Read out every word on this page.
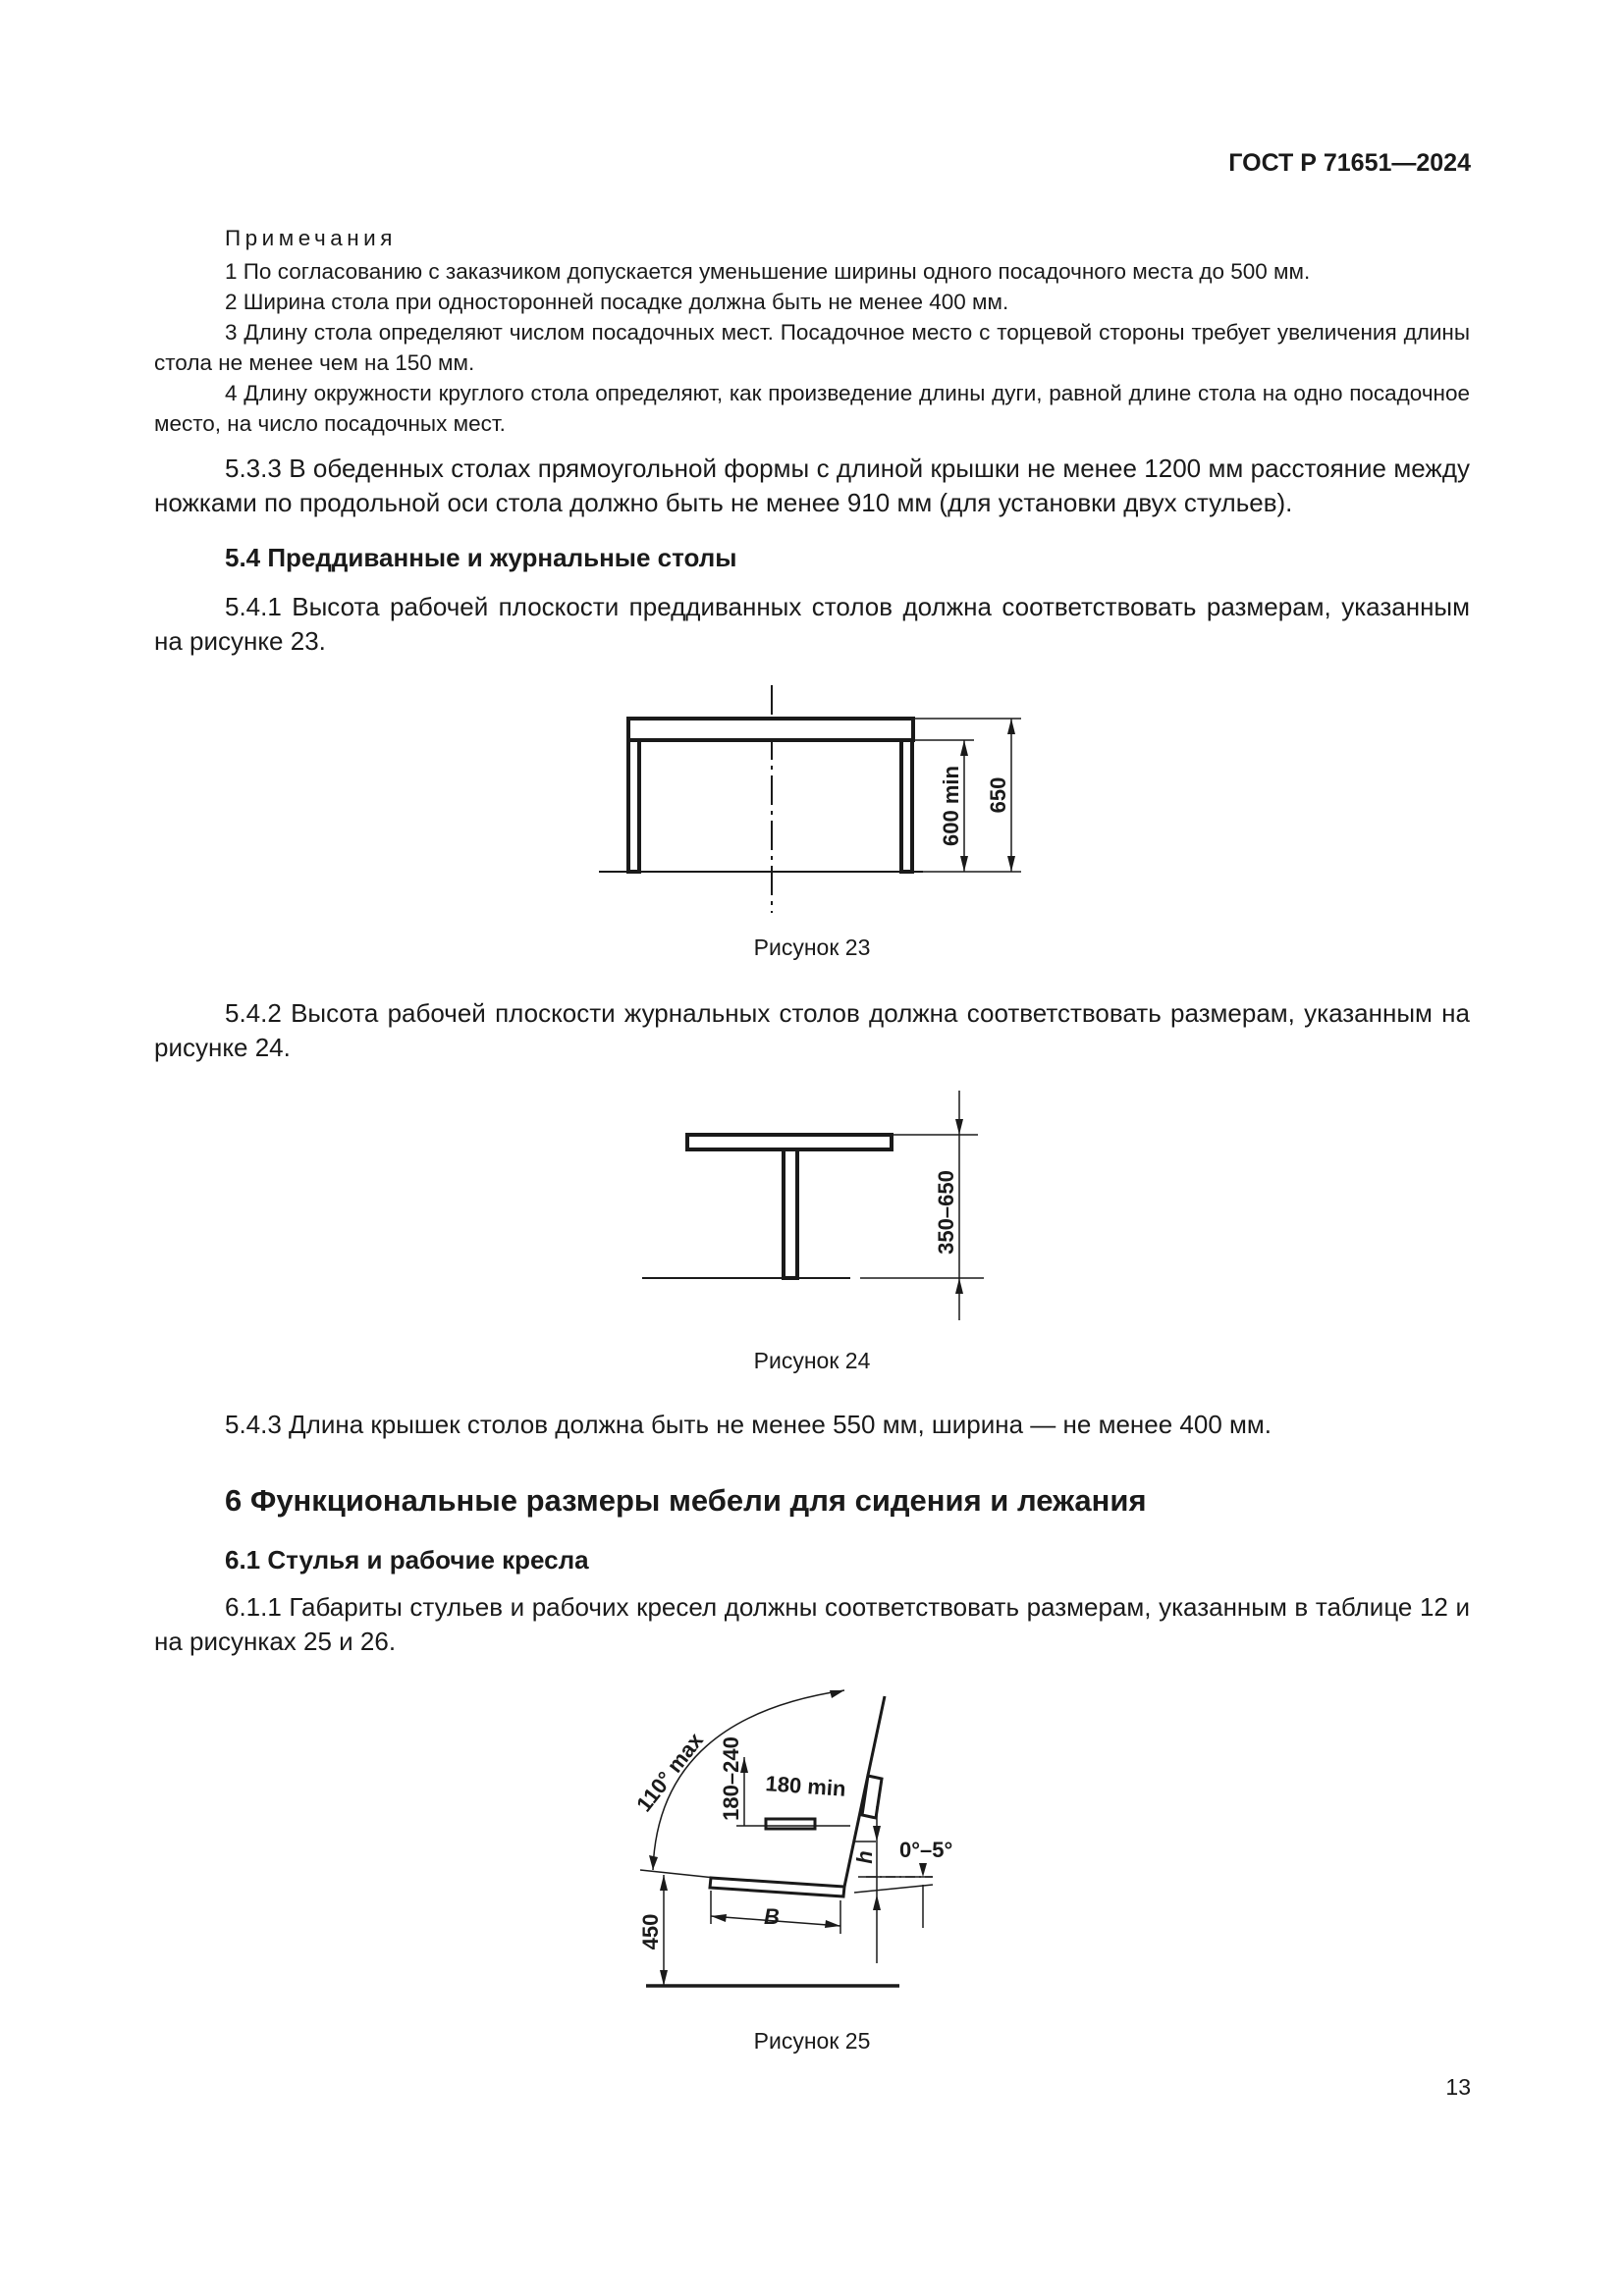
ГОСТ Р 71651—2024
Примечания
1 По согласованию с заказчиком допускается уменьшение ширины одного посадочного места до 500 мм.
2 Ширина стола при односторонней посадке должна быть не менее 400 мм.
3 Длину стола определяют числом посадочных мест. Посадочное место с торцевой стороны требует увеличения длины стола не менее чем на 150 мм.
4 Длину окружности круглого стола определяют, как произведение длины дуги, равной длине стола на одно посадочное место, на число посадочных мест.
5.3.3 В обеденных столах прямоугольной формы с длиной крышки не менее 1200 мм расстояние между ножками по продольной оси стола должно быть не менее 910 мм (для установки двух стульев).
5.4 Преддиванные и журнальные столы
5.4.1 Высота рабочей плоскости преддиванных столов должна соответствовать размерам, указанным на рисунке 23.
600 min 650
Рисунок 23
5.4.2 Высота рабочей плоскости журнальных столов должна соответствовать размерам, указанным на рисунке 24.
350–650
Рисунок 24
5.4.3 Длина крышек столов должна быть не менее 550 мм, ширина — не менее 400 мм.
6 Функциональные размеры мебели для сидения и лежания
6.1 Стулья и рабочие кресла
6.1.1 Габариты стульев и рабочих кресел должны соответствовать размерам, указанным в таблице 12 и на рисунках 25 и 26.
110° max 180–240 180 min
h 0°–5°
B
450
Рисунок 25
13
